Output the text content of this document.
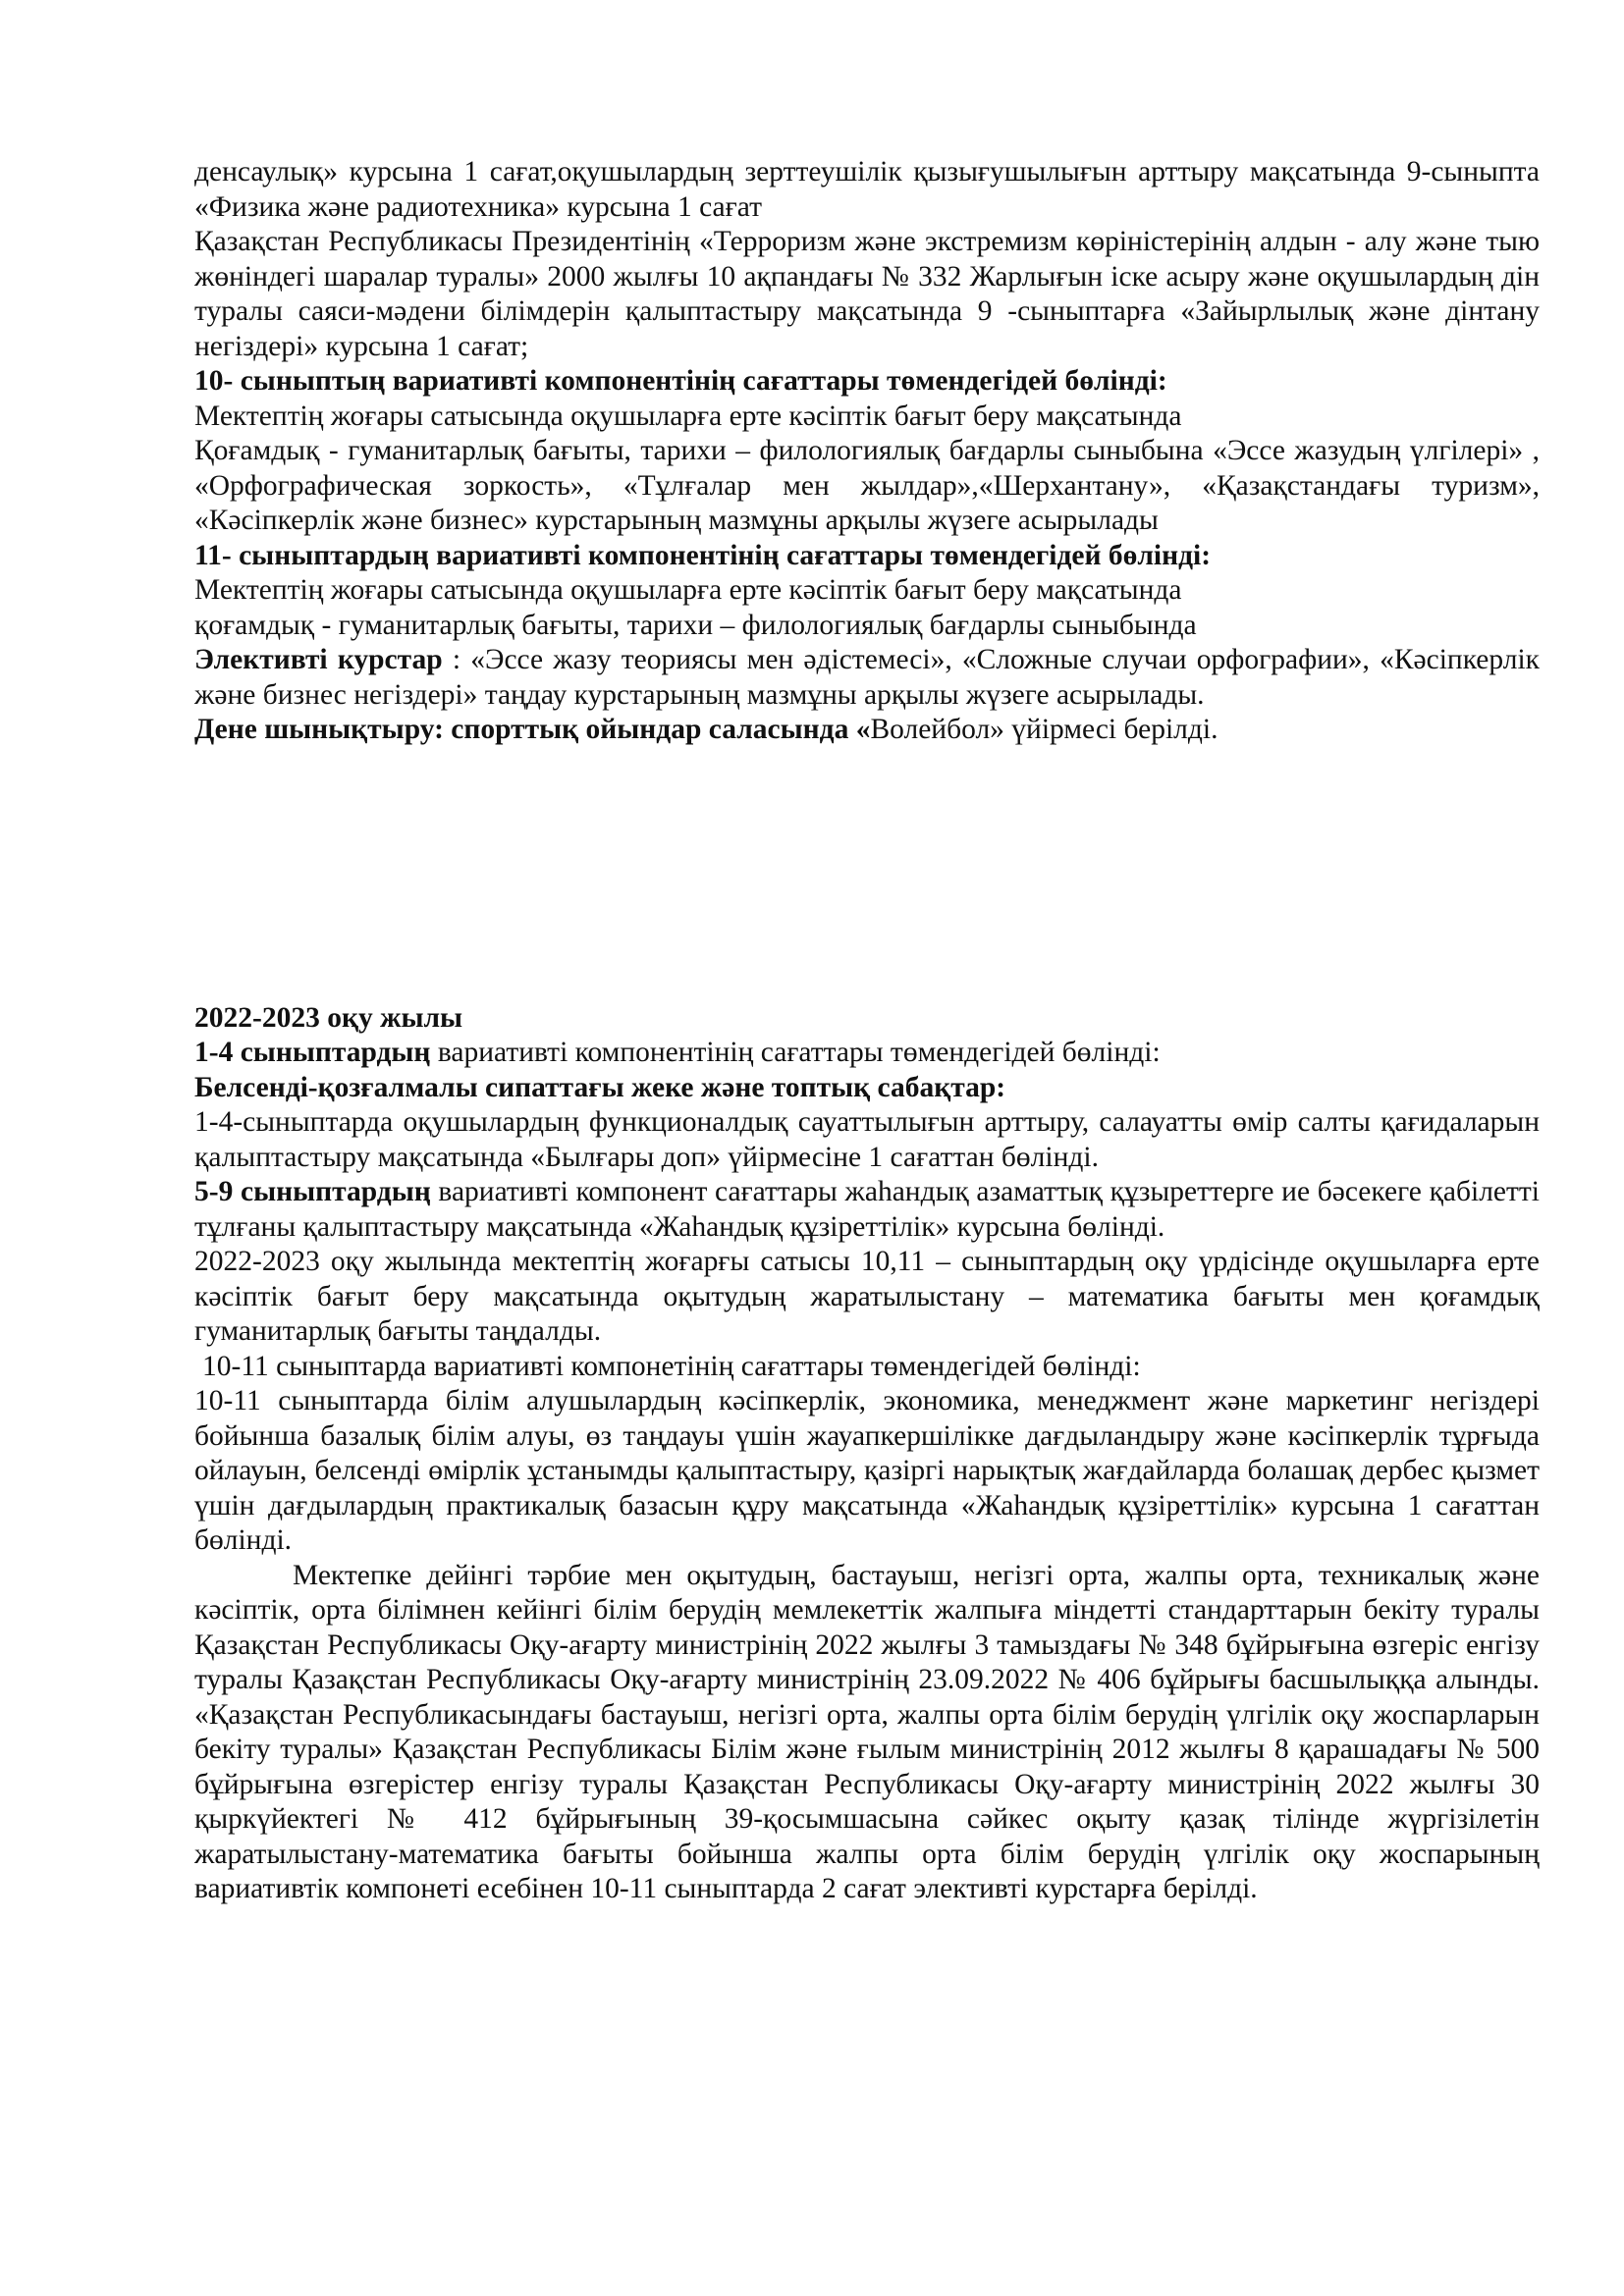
денсаулық» курсына 1 сағат,оқушылардың зерттеушілік қызығушылығын арттыру мақсатында 9-сыныпта «Физика және радиотехника» курсына 1 сағат

Қазақстан Республикасы Президентінің «Терроризм және экстремизм көріністерінің алдын - алу және тыю жөніндегі шаралар туралы» 2000 жылғы 10 ақпандағы № 332 Жарлығын іске асыру және оқушылардың дін туралы саяси-мәдени білімдерін қалыптастыру мақсатында 9 -сыныптарға «Зайырлылық және дінтану негіздері» курсына 1 сағат;

10- сыныптың вариативті компонентінің сағаттары төмендегідей бөлінді:

Мектептің жоғары сатысында оқушыларға ерте кәсіптік бағыт беру мақсатында

Қоғамдық - гуманитарлық бағыты, тарихи – филологиялық бағдарлы сыныбына «Эссе жазудың үлгілері» , «Орфографическая зоркость», «Тұлғалар мен жылдар»,«Шерхантану», «Қазақстандағы туризм», «Кәсіпкерлік және бизнес» курстарының мазмұны арқылы жүзеге асырылады

11- сыныптардың вариативті компонентінің сағаттары төмендегідей бөлінді:

Мектептің жоғары сатысында оқушыларға ерте кәсіптік бағыт беру мақсатында

қоғамдық - гуманитарлық бағыты, тарихи – филологиялық бағдарлы сыныбында

Элективті курстар : «Эссе жазу теориясы мен әдістемесі», «Сложные случаи орфографии», «Кәсіпкерлік және бизнес негіздері» таңдау курстарының мазмұны арқылы жүзеге асырылады.

Дене шынықтыру: спорттық ойындар саласында «Волейбол» үйірмесі берілді.

2022-2023 оқу жылы

1-4 сыныптардың вариативті компонентінің сағаттары төмендегідей бөлінді:

Белсенді-қозғалмалы сипаттағы жеке және топтық сабақтар:

1-4-сыныптарда оқушылардың функционалдық сауаттылығын арттыру, салауатты өмір салты қағидаларын қалыптастыру мақсатында «Былғары доп» үйірмесіне 1 сағаттан бөлінді.

5-9 сыныптардың вариативті компонент сағаттары жаһандық азаматтық құзыреттерге ие бәсекеге қабілетті тұлғаны қалыптастыру мақсатында «Жаһандық құзіреттілік» курсына бөлінді.

2022-2023 оқу жылында мектептің жоғарғы сатысы 10,11 – сыныптардың оқу үрдісінде оқушыларға ерте кәсіптік бағыт беру мақсатында оқытудың жаратылыстану – математика бағыты мен қоғамдық гуманитарлық бағыты таңдалды.

10-11 сыныптарда вариативті компонетінің сағаттары төмендегідей бөлінді:

10-11 сыныптарда білім алушылардың кәсіпкерлік, экономика, менеджмент және маркетинг негіздері бойынша базалық білім алуы, өз таңдауы үшін жауапкершілікке дағдыландыру және кәсіпкерлік тұрғыда ойлауын, белсенді өмірлік ұстанымды қалыптастыру, қазіргі нарықтық жағдайларда болашақ дербес қызмет үшін дағдылардың практикалық базасын құру мақсатында «Жаһандық құзіреттілік» курсына 1 сағаттан бөлінді.

Мектепке дейінгі тәрбие мен оқытудың, бастауыш, негізгі орта, жалпы орта, техникалық және кәсіптік, орта білімнен кейінгі білім берудің мемлекеттік жалпыға міндетті стандарттарын бекіту туралы Қазақстан Республикасы Оқу-ағарту министрінің 2022 жылғы 3 тамыздағы № 348 бұйрығына өзгеріс енгізу туралы Қазақстан Республикасы Оқу-ағарту министрінің 23.09.2022 № 406 бұйрығы басшылыққа алынды. «Қазақстан Республикасындағы бастауыш, негізгі орта, жалпы орта білім берудің үлгілік оқу жоспарларын бекіту туралы» Қазақстан Республикасы Білім және ғылым министрінің 2012 жылғы 8 қарашадағы № 500 бұйрығына өзгерістер енгізу туралы Қазақстан Республикасы Оқу-ағарту министрінің 2022 жылғы 30 қыркүйектегі № 412 бұйрығының 39-қосымшасына сәйкес оқыту қазақ тілінде жүргізілетін жаратылыстану-математика бағыты бойынша жалпы орта білім берудің үлгілік оқу жоспарының вариативтік компонеті есебінен 10-11 сыныптарда 2 сағат элективті курстарға берілді.
